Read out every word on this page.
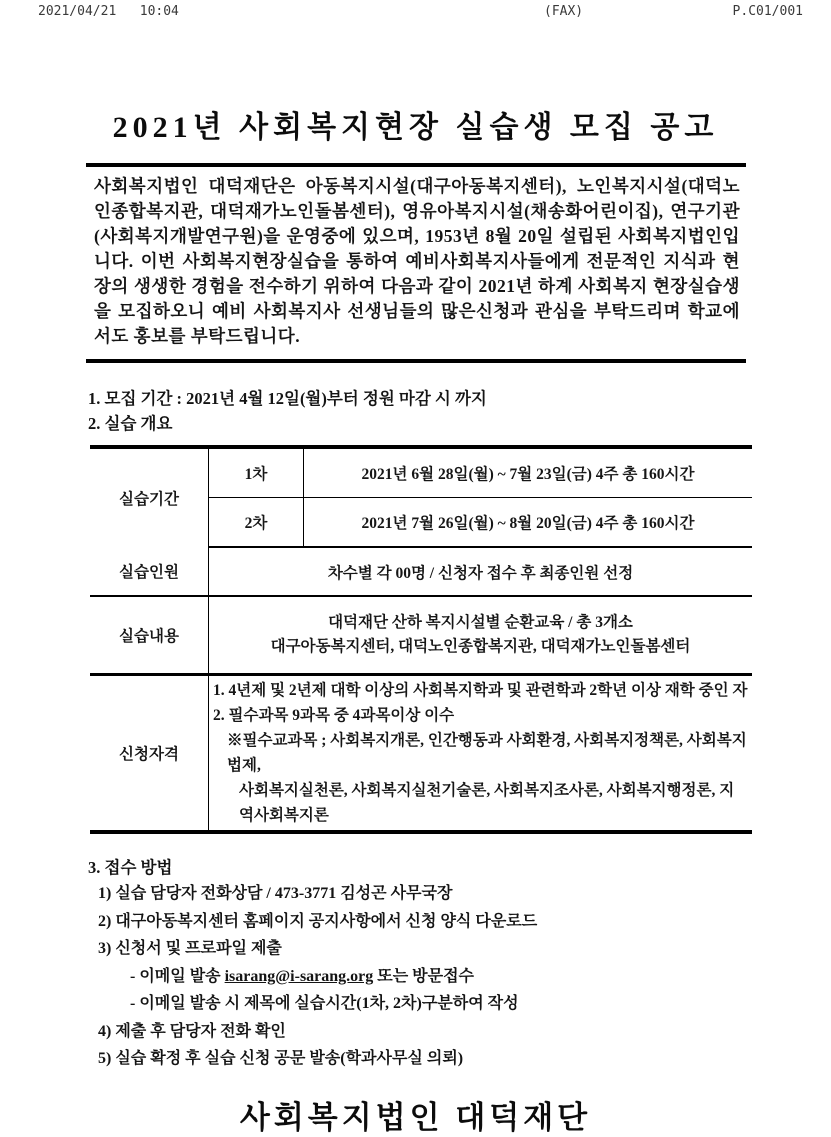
2021/04/21   10:04

	(FAX)

	P.C01/001

2021년 사회복지현장 실습생 모집 공고
사회복지법인 대덕재단은 아동복지시설(대구아동복지센터), 노인복지시설(대덕노인종합복지관, 대덕재가노인돌봄센터), 영유아복지시설(채송화어린이집), 연구기관(사회복지개발연구원)을 운영중에 있으며, 1953년 8월 20일 설립된 사회복지법인입니다. 이번 사회복지현장실습을 통하여 예비사회복지사들에게 전문적인 지식과 현장의 생생한 경험을 전수하기 위하여 다음과 같이 2021년 하계 사회복지 현장실습생을 모집하오니 예비 사회복지사 선생님들의 많은신청과 관심을 부탁드리며 학교에서도 홍보를 부탁드립니다.
1. 모집 기간 : 2021년 4월 12일(월)부터 정원 마감 시 까지
2. 실습 개요
실습기간	1차	2021년 6월 28일(월) ~ 7월 23일(금) 4주 총 160시간
	2차	2021년 7월 26일(월) ~ 8월 20일(금) 4주 총 160시간
실습인원	차수별 각 00명 / 신청자 접수 후 최종인원 선정	
실습내용	대덕재단 산하 복지시설별 순환교육 / 총 3개소
대구아동복지센터, 대덕노인종합복지관, 대덕재가노인돌봄센터	

신청자격	1. 4년제 및 2년제 대학 이상의 사회복지학과 및 관련학과 2학년 이상 재학 중인 자
2. 필수과목 9과목 중 4과목이상 이수
※필수교과목 ; 사회복지개론, 인간행동과 사회환경, 사회복지정책론, 사회복지법제,
사회복지실천론, 사회복지실천기술론, 사회복지조사론, 사회복지행정론, 지역사회복지론	
3. 접수 방법
1) 실습 담당자 전화상담 / 473-3771 김성곤 사무국장
2) 대구아동복지센터 홈페이지 공지사항에서 신청 양식 다운로드
3) 신청서 및 프로파일 제출
- 이메일 발송 isarang@i-sarang.org 또는 방문접수
- 이메일 발송 시 제목에 실습시간(1차, 2차)구분하여 작성
4) 제출 후 담당자 전화 확인
5) 실습 확정 후 실습 신청 공문 발송(학과사무실 의뢰)
사회복지법인 대덕재단
